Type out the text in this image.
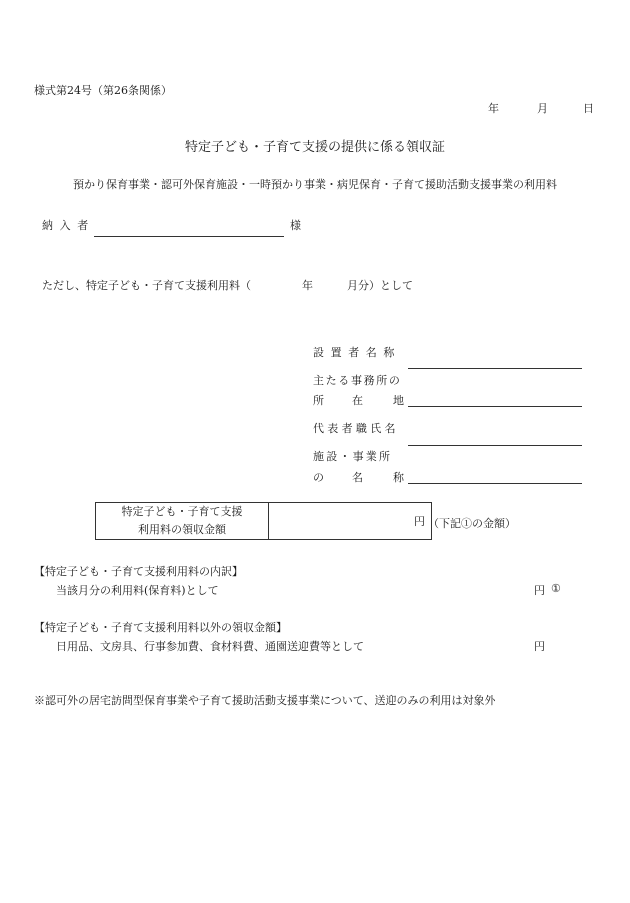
様式第24号（第26条関係）
年	月	日
特定子ども・子育て支援の提供に係る領収証
預かり保育事業・認可外保育施設・一時預かり事業・病児保育・子育て援助活動支援事業の利用料
納入者	様
ただし、特定子ども・子育て支援利用料（	年	月分）として
設置者名称
主たる事務所の
所	在	地
代表者職氏名
施設・事業所
の	名	称
特定子ども・子育て支援
利用料の領収金額
	円 （下記①の金額）
【特定子ども・子育て支援利用料の内訳】
当該月分の利用料(保育料)として	円 ①
【特定子ども・子育て支援利用料以外の領収金額】
日用品、文房具、行事参加費、食材料費、通園送迎費等として	円
※認可外の居宅訪問型保育事業や子育て援助活動支援事業について、送迎のみの利用は対象外
